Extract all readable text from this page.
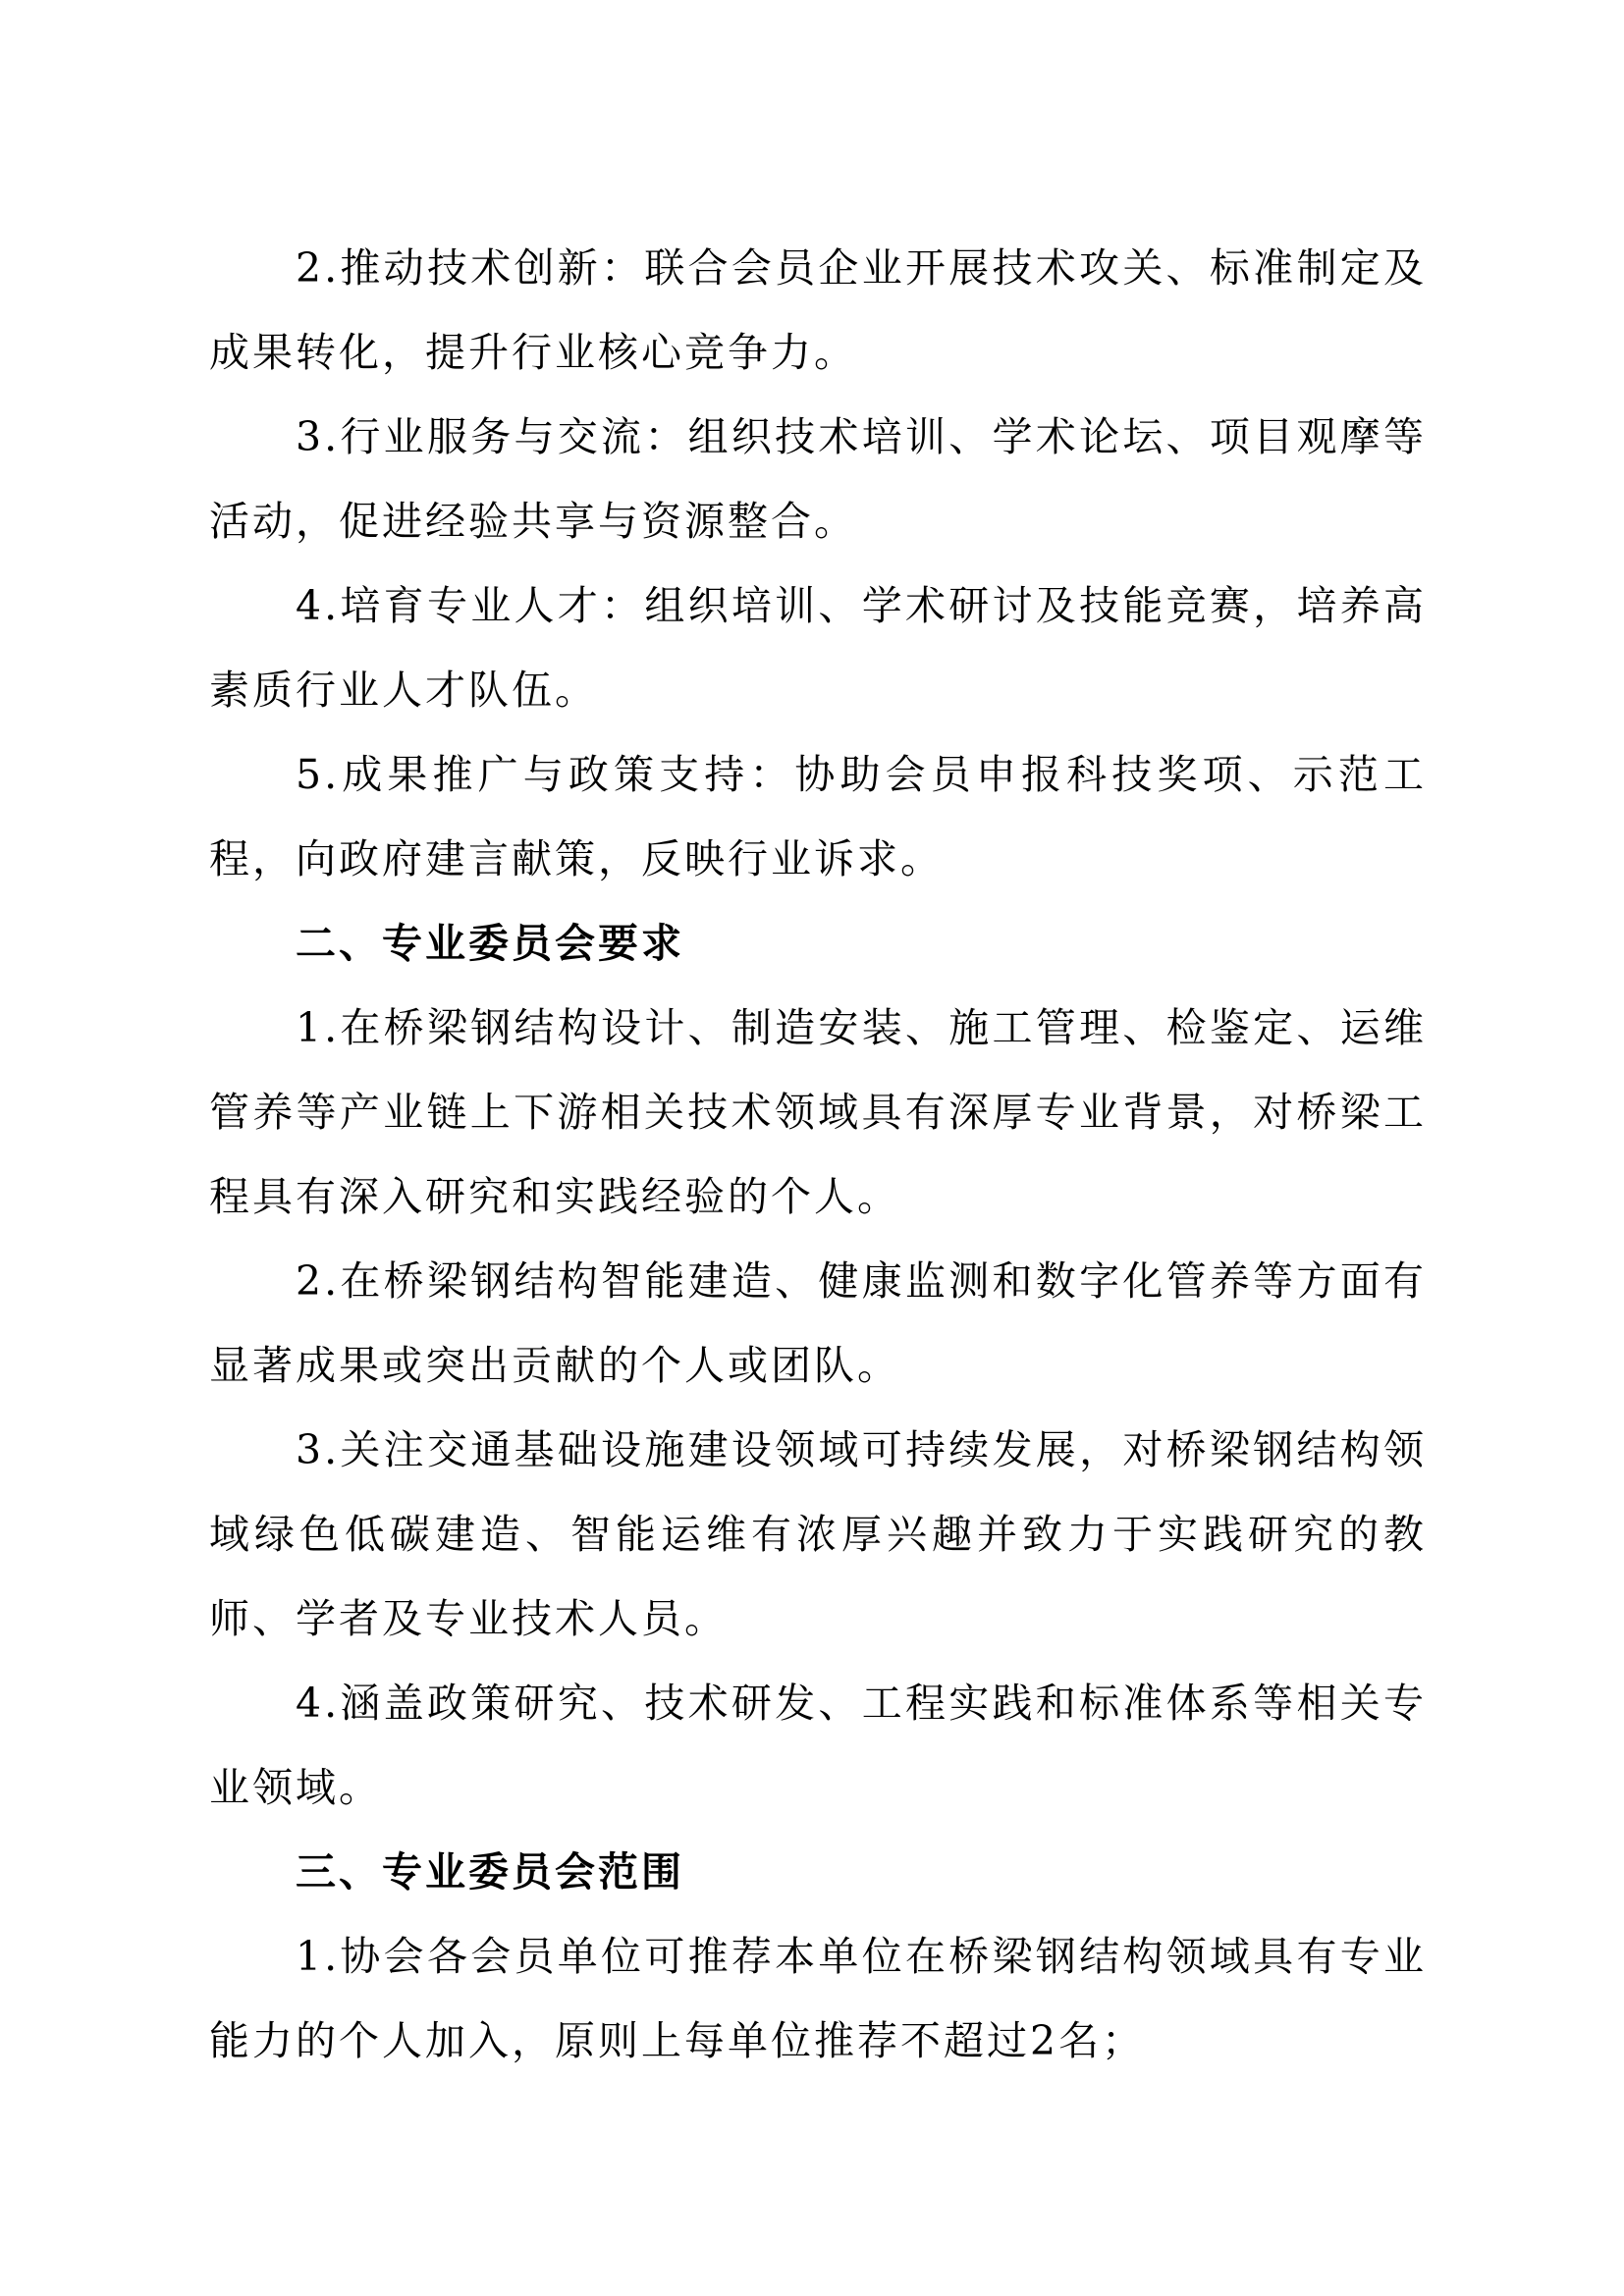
2.推动技术创新：联合会员企业开展技术攻关、标准制定及成果转化，提升行业核心竞争力。

3.行业服务与交流：组织技术培训、学术论坛、项目观摩等活动，促进经验共享与资源整合。

4.培育专业人才：组织培训、学术研讨及技能竞赛，培养高素质行业人才队伍。

5.成果推广与政策支持：协助会员申报科技奖项、示范工程，向政府建言献策，反映行业诉求。

二、专业委员会要求

1.在桥梁钢结构设计、制造安装、施工管理、检鉴定、运维管养等产业链上下游相关技术领域具有深厚专业背景，对桥梁工程具有深入研究和实践经验的个人。

2.在桥梁钢结构智能建造、健康监测和数字化管养等方面有显著成果或突出贡献的个人或团队。

3.关注交通基础设施建设领域可持续发展，对桥梁钢结构领域绿色低碳建造、智能运维有浓厚兴趣并致力于实践研究的教师、学者及专业技术人员。

4.涵盖政策研究、技术研发、工程实践和标准体系等相关专业领域。

三、专业委员会范围

1.协会各会员单位可推荐本单位在桥梁钢结构领域具有专业能力的个人加入，原则上每单位推荐不超过2名；
